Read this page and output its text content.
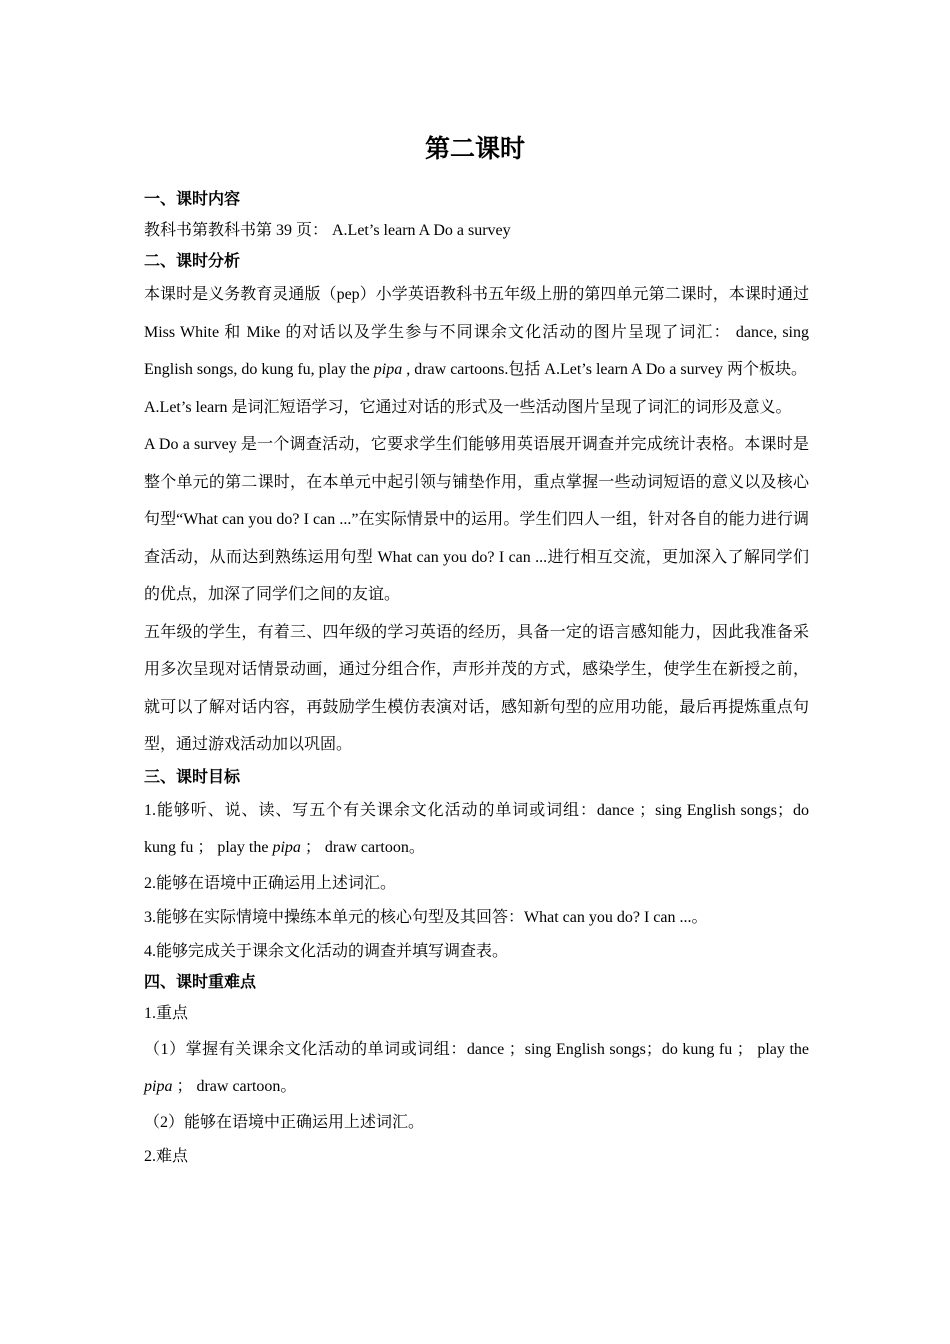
第二课时

一、课时内容

教科书第教科书第 39 页： A.Let’s learn A Do a survey

二、课时分析

本课时是义务教育灵通版（pep）小学英语教科书五年级上册的第四单元第二课时，本课时通过 Miss White 和 Mike 的对话以及学生参与不同课余文化活动的图片呈现了词汇： dance, sing English songs, do kung fu, play the pipa , draw cartoons.包括 A.Let’s learn A Do a survey 两个板块。

A.Let’s learn 是词汇短语学习，它通过对话的形式及一些活动图片呈现了词汇的词形及意义。

A Do a survey 是一个调查活动，它要求学生们能够用英语展开调查并完成统计表格。本课时是整个单元的第二课时，在本单元中起引领与铺垫作用，重点掌握一些动词短语的意义以及核心句型“What can you do? I can ...”在实际情景中的运用。学生们四人一组，针对各自的能力进行调查活动，从而达到熟练运用句型 What can you do? I can ...进行相互交流，更加深入了解同学们的优点，加深了同学们之间的友谊。

五年级的学生，有着三、四年级的学习英语的经历，具备一定的语言感知能力，因此我准备采用多次呈现对话情景动画，通过分组合作，声形并茂的方式，感染学生，使学生在新授之前，就可以了解对话内容，再鼓励学生模仿表演对话，感知新句型的应用功能，最后再提炼重点句型，通过游戏活动加以巩固。

三、课时目标

1.能够听、说、读、写五个有关课余文化活动的单词或词组：dance ；sing English songs；do kung fu ； play the pipa ； draw cartoon。

2.能够在语境中正确运用上述词汇。

3.能够在实际情境中操练本单元的核心句型及其回答：What can you do? I can ...。

4.能够完成关于课余文化活动的调查并填写调查表。

四、课时重难点

1.重点

（1）掌握有关课余文化活动的单词或词组：dance ；sing English songs；do kung fu ； play the pipa ； draw cartoon。

（2）能够在语境中正确运用上述词汇。

2.难点
